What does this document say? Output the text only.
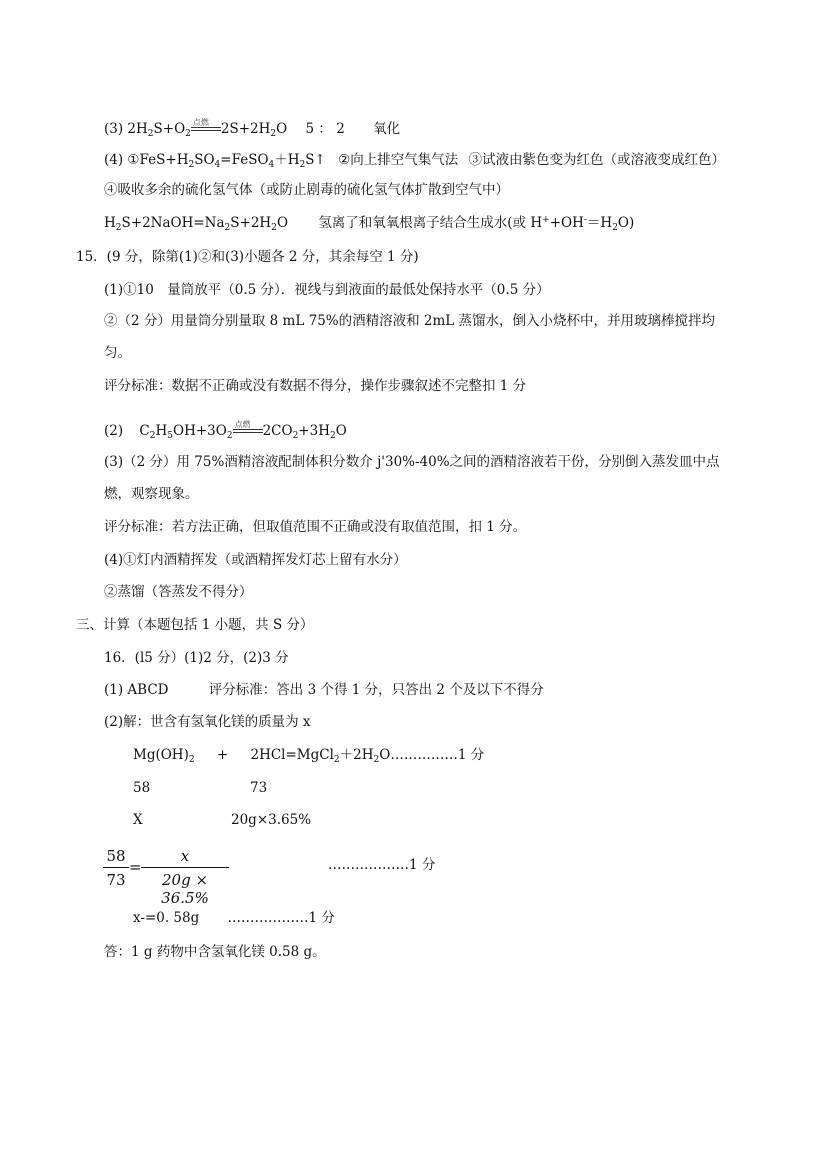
(3) $2H_2S+O_2$
点燃 $2S+2H_2O$ 5 ： 2 氧化
(4) $①FeS+H_2SO_4=FeSO_4+H_2S↑$ ②向上排空气集气法 ③试液由紫色变为红色（或溶液变成红色）
④吸收多余的硫化氢气体（或防止剧毒的硫化氢气体扩散到空气中）
$H_2S+2NaOH=Na_2S+2H_2O$ 氢离了和氧氧根离子结合生成水(或 $H^++OH^-=H_2O$)
15．(9 分，除第(1)②和(3)小题各 2 分，其余每空 1 分)
(1)①10　量筒放平（0.5 分）．视线与到液面的最低处保持水平（0.5 分）
②（2 分）用量筒分别量取 8 mL 75%的酒精溶液和 2mL 蒸馏水，倒入小烧杯中，并用玻璃棒搅拌均
匀。
评分标准：数据不正确或没有数据不得分，操作步骤叙述不完整扣 1 分
(2) $C_2H_5OH+3O_2$
点燃 $2CO_2+3H_2O$
(3)（2 分）用 75%酒精溶液配制体积分数介 j'30%-40%之间的酒精溶液若干份，分别倒入蒸发皿中点
燃，观察现象。
评分标准：若方法正确，但取值范围不正确或没有取值范围，扣 1 分。
(4)①灯内酒精挥发（或酒精挥发灯芯上留有水分）
②蒸馏（答蒸发不得分）
三、计算（本题包括 1 小题，共 S 分）
16．(l5 分）(1)2 分，(2)3 分
(1) ABCD	评分标准：答出 3 个得 1 分，只答出 2 个及以下不得分
(2)解：世含有氢氧化镁的质量为 x
$Mg(OH)_2$ + $2HCl=MgCl_2+2H_2O\dots\dots\dots\dots\dots 1$ 分
58	73
X	20g×3.65%
$\frac{58}{73} = \frac{x}{20g \times 36.5\%}$	………………1 分
x-=0. 58g ………………1 分
答：1 g 药物中含氢氧化镁 0.58 g。
